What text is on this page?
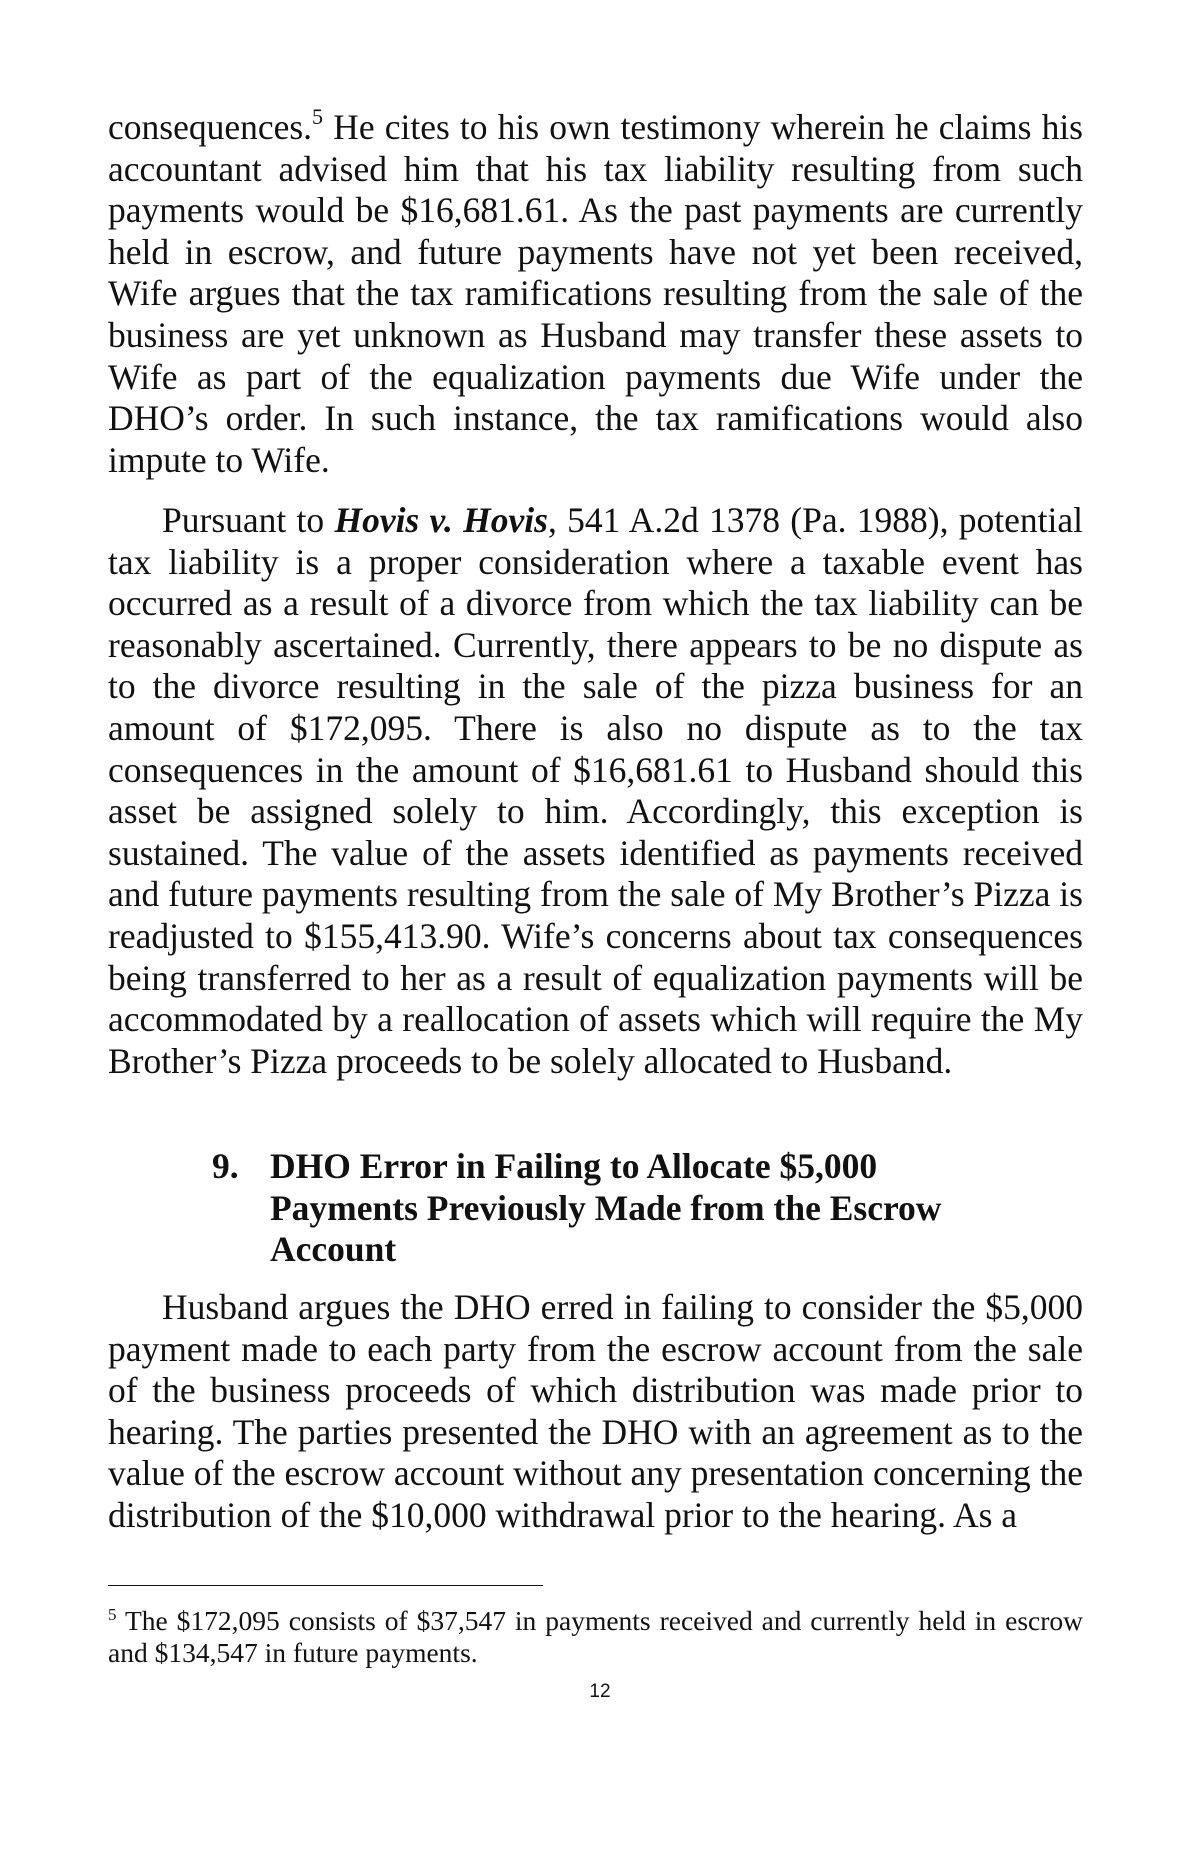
consequences.$^5$ He cites to his own testimony wherein he claims his accountant advised him that his tax liability resulting from such payments would be $16,681.61. As the past payments are currently held in escrow, and future payments have not yet been received, Wife argues that the tax ramifications resulting from the sale of the business are yet unknown as Husband may transfer these assets to Wife as part of the equalization payments due Wife under the DHO’s order. In such instance, the tax ramifications would also impute to Wife.

Pursuant to Hovis v. Hovis, 541 A.2d 1378 (Pa. 1988), potential tax liability is a proper consideration where a taxable event has occurred as a result of a divorce from which the tax liability can be reasonably ascertained. Currently, there appears to be no dispute as to the divorce resulting in the sale of the pizza business for an amount of $172,095. There is also no dispute as to the tax consequences in the amount of $16,681.61 to Husband should this asset be assigned solely to him. Accordingly, this exception is sustained. The value of the assets identified as payments received and future payments resulting from the sale of My Brother’s Pizza is readjusted to $155,413.90. Wife’s concerns about tax consequences being transferred to her as a result of equalization payments will be accommodated by a reallocation of assets which will require the My Brother’s Pizza proceeds to be solely allocated to Husband.

9. DHO Error in Failing to Allocate $5,000 Payments Previously Made from the Escrow Account

Husband argues the DHO erred in failing to consider the $5,000 payment made to each party from the escrow account from the sale of the business proceeds of which distribution was made prior to hearing. The parties presented the DHO with an agreement as to the value of the escrow account without any presentation concerning the distribution of the $10,000 withdrawal prior to the hearing. As a

$^5$ The $172,095 consists of $37,547 in payments received and currently held in escrow and $134,547 in future payments.

12
